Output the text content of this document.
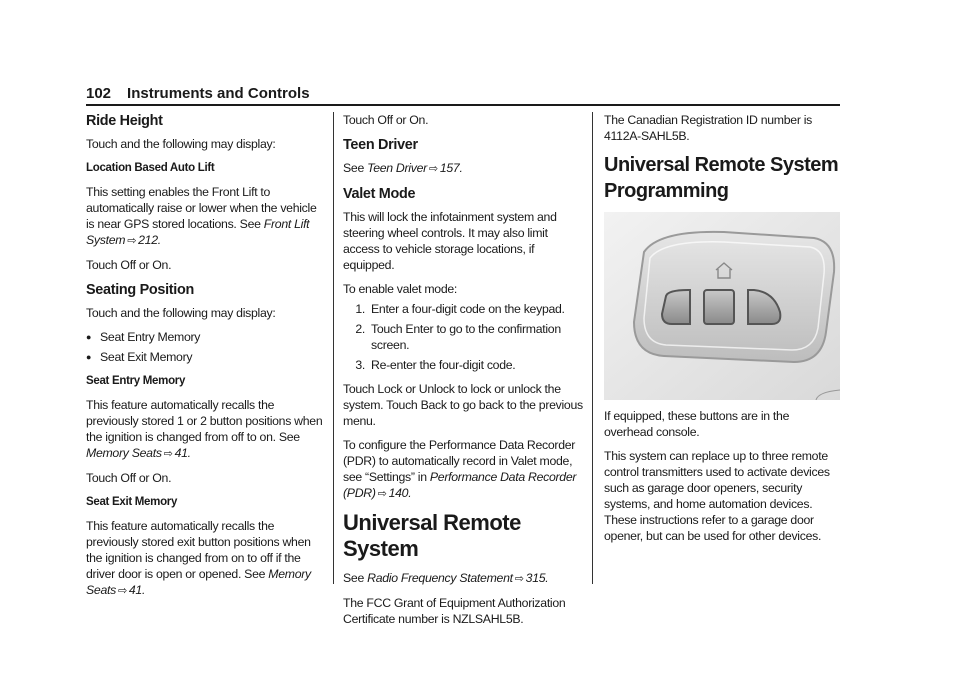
102 Instruments and Controls
Ride Height

Touch and the following may display:

Location Based Auto Lift

This setting enables the Front Lift to automatically raise or lower when the vehicle is near GPS stored locations. See Front Lift System ⇨ 212.

Touch Off or On.

Seating Position

Touch and the following may display:

● Seat Entry Memory
● Seat Exit Memory

Seat Entry Memory

This feature automatically recalls the previously stored 1 or 2 button positions when the ignition is changed from off to on. See Memory Seats ⇨ 41.

Touch Off or On.

Seat Exit Memory

This feature automatically recalls the previously stored exit button positions when the ignition is changed from on to off if the driver door is open or opened. See Memory Seats ⇨ 41.

Touch Off or On.

Teen Driver

See Teen Driver ⇨ 157.

Valet Mode

This will lock the infotainment system and steering wheel controls. It may also limit access to vehicle storage locations, if equipped.

To enable valet mode:

1. Enter a four-digit code on the keypad.
2. Touch Enter to go to the confirmation screen.
3. Re-enter the four-digit code.

Touch Lock or Unlock to lock or unlock the system. Touch Back to go back to the previous menu.

To configure the Performance Data Recorder (PDR) to automatically record in Valet mode, see “Settings” in Performance Data Recorder (PDR) ⇨ 140.

Universal Remote System

See Radio Frequency Statement ⇨ 315.

The FCC Grant of Equipment Authorization Certificate number is NZLSAHL5B.

The Canadian Registration ID number is 4112A-SAHL5B.

Universal Remote System Programming

If equipped, these buttons are in the overhead console.

This system can replace up to three remote control transmitters used to activate devices such as garage door openers, security systems, and home automation devices. These instructions refer to a garage door opener, but can be used for other devices.
